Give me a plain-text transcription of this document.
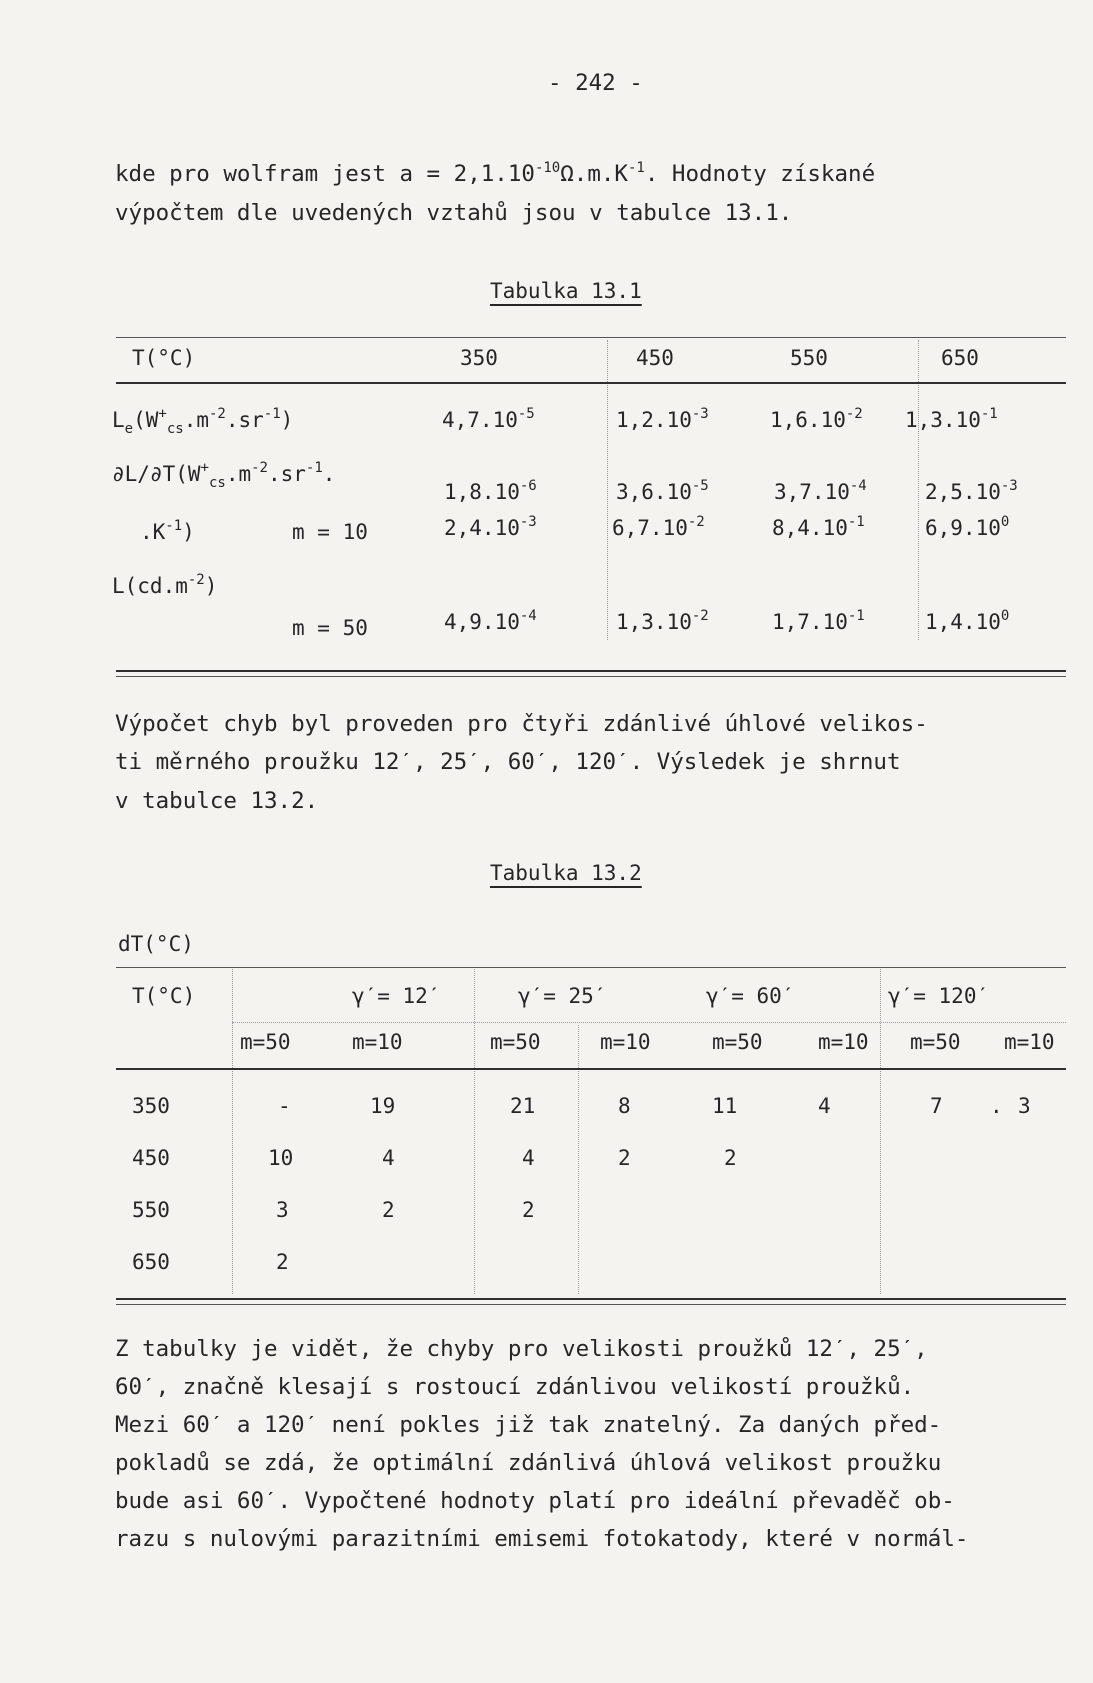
- 242 -
kde pro wolfram jest $a = 2,1.10^{-10}\Omega.m.K^{-1}$. Hodnoty získané
výpočtem dle uvedených vztahů jsou v tabulce 13.1.
Tabulka 13.1
T(°C)	350	450	550	650
$L_e(W^+_{cs}.m^{-2}.sr^{-1})$	$4,7.10^{-5}$	$1,2.10^{-3}$	$1,6.10^{-2}$ $1,3.10^{-1}$
$\partial L/\partial T(W^+_{cs}.m^{-2}.sr^{-1}$.
$1,8.10^{-6}$	$3,6.10^{-5}$	$3,7.10^{-4}$	$2,5.10^{-3}$
$.K^{-1}$)	m = 10	$2,4.10^{-3}$	$6,7.10^{-2}$	$8,4.10^{-1}$	6,9.10$^0$
$L(cd.m^{-2})$
m = 50	$4,9.10^{-4}$	$1,3.10^{-2}$	$1,7.10^{-1}$	1,4.10$^0$
Výpočet chyb byl proveden pro čtyři zdánlivé úhlové velikos-
ti měrného proužku 12ˊ, 25ˊ, 60ˊ, 120ˊ. Výsledek je shrnut
v tabulce 13.2.
Tabulka 13.2
dT(°C)
T(°C)	γˊ= 12ˊ	γˊ= 25ˊ	γˊ= 60ˊ	γˊ= 120ˊ
m=50	m=10	m=50	m=10	m=50	m=10 m=50 m=10
350	-	19	21	8	11	4	7 . 3
450	10	4	4	2	2
550	3	2	2
650	2
Z tabulky je vidět, že chyby pro velikosti proužků 12ˊ, 25ˊ,
60ˊ, značně klesají s rostoucí zdánlivou velikostí proužků.
Mezi 60ˊ a 120ˊ není pokles již tak znatelný. Za daných před-
pokladů se zdá, že optimální zdánlivá úhlová velikost proužku
bude asi 60ˊ. Vypočtené hodnoty platí pro ideální převaděč ob-
razu s nulovými parazitními emisemi fotokatody, které v normál-
